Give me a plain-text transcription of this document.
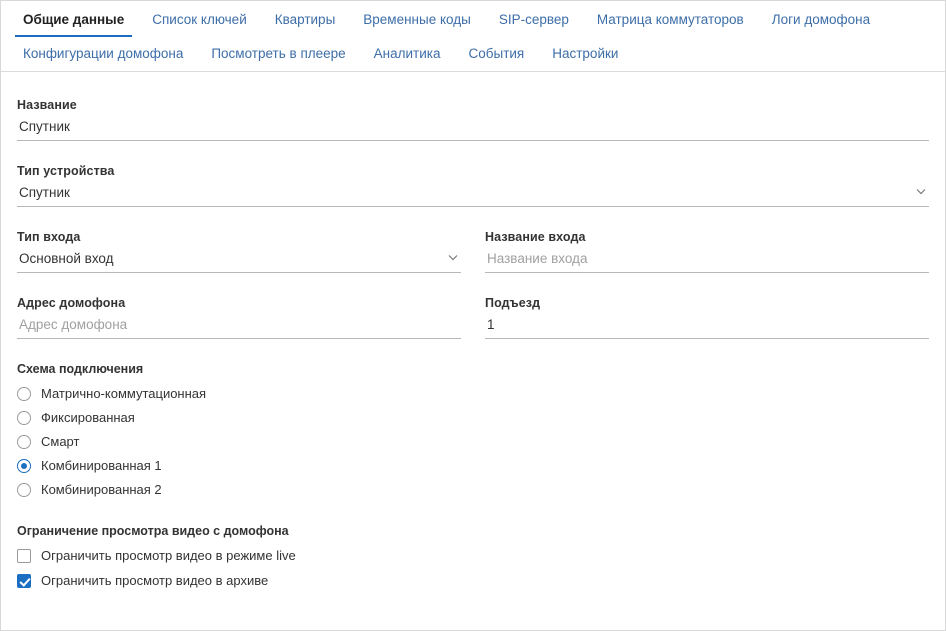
Общие данные	Список ключей	Квартиры	Временные коды	SIP-сервер	Матрица коммутаторов	Логи домофона
Конфигурации домофона	Посмотреть в плеере	Аналитика	События	Настройки
Название
Спутник
Тип устройства
Спутник
Тип входа
Основной вход
Название входа
Название входа
Адрес домофона
Адрес домофона
Подъезд
1
Схема подключения
Матрично-коммутационная
Фиксированная
Смарт
Комбинированная 1
Комбинированная 2
Ограничение просмотра видео с домофона
Ограничить просмотр видео в режиме live
Ограничить просмотр видео в архиве
